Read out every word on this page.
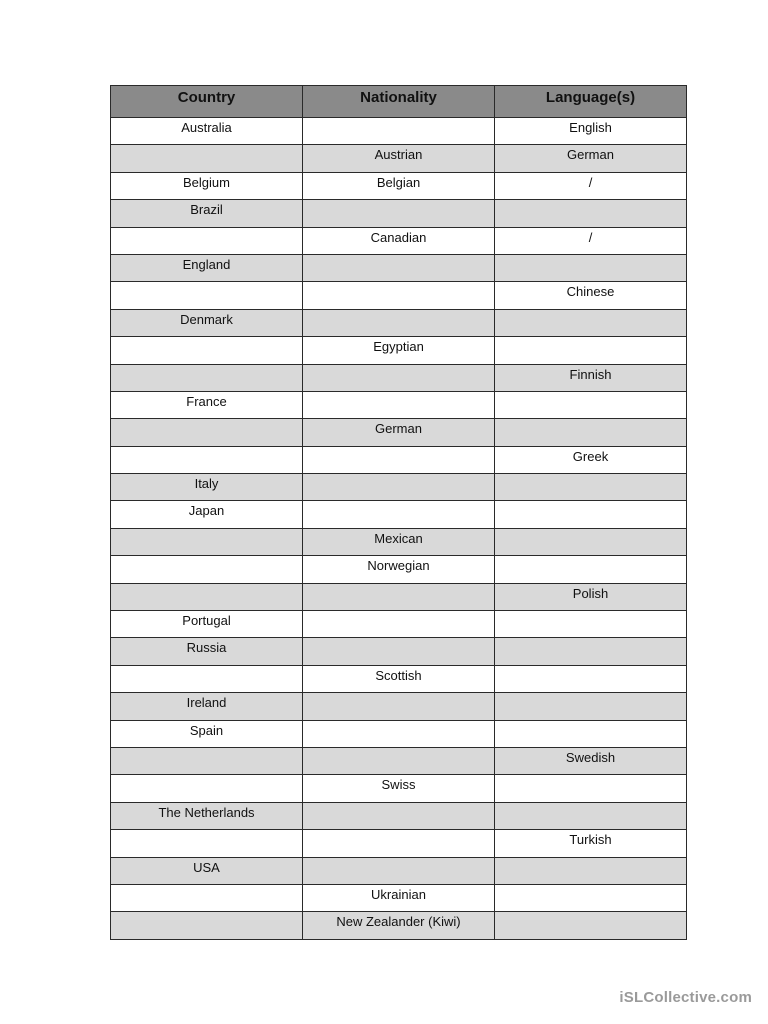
Country	Nationality	Language(s)
Australia		English
	Austrian	German
Belgium	Belgian	/
Brazil		
	Canadian	/
England		
		Chinese
Denmark		
	Egyptian	
		Finnish
France		
	German	
		Greek
Italy		
Japan		
	Mexican	
	Norwegian	
		Polish
Portugal		
Russia		
	Scottish	
Ireland		
Spain		
		Swedish
	Swiss	
The Netherlands		
		Turkish
USA		
	Ukrainian	
	New Zealander (Kiwi)	
iSLCollective.com
